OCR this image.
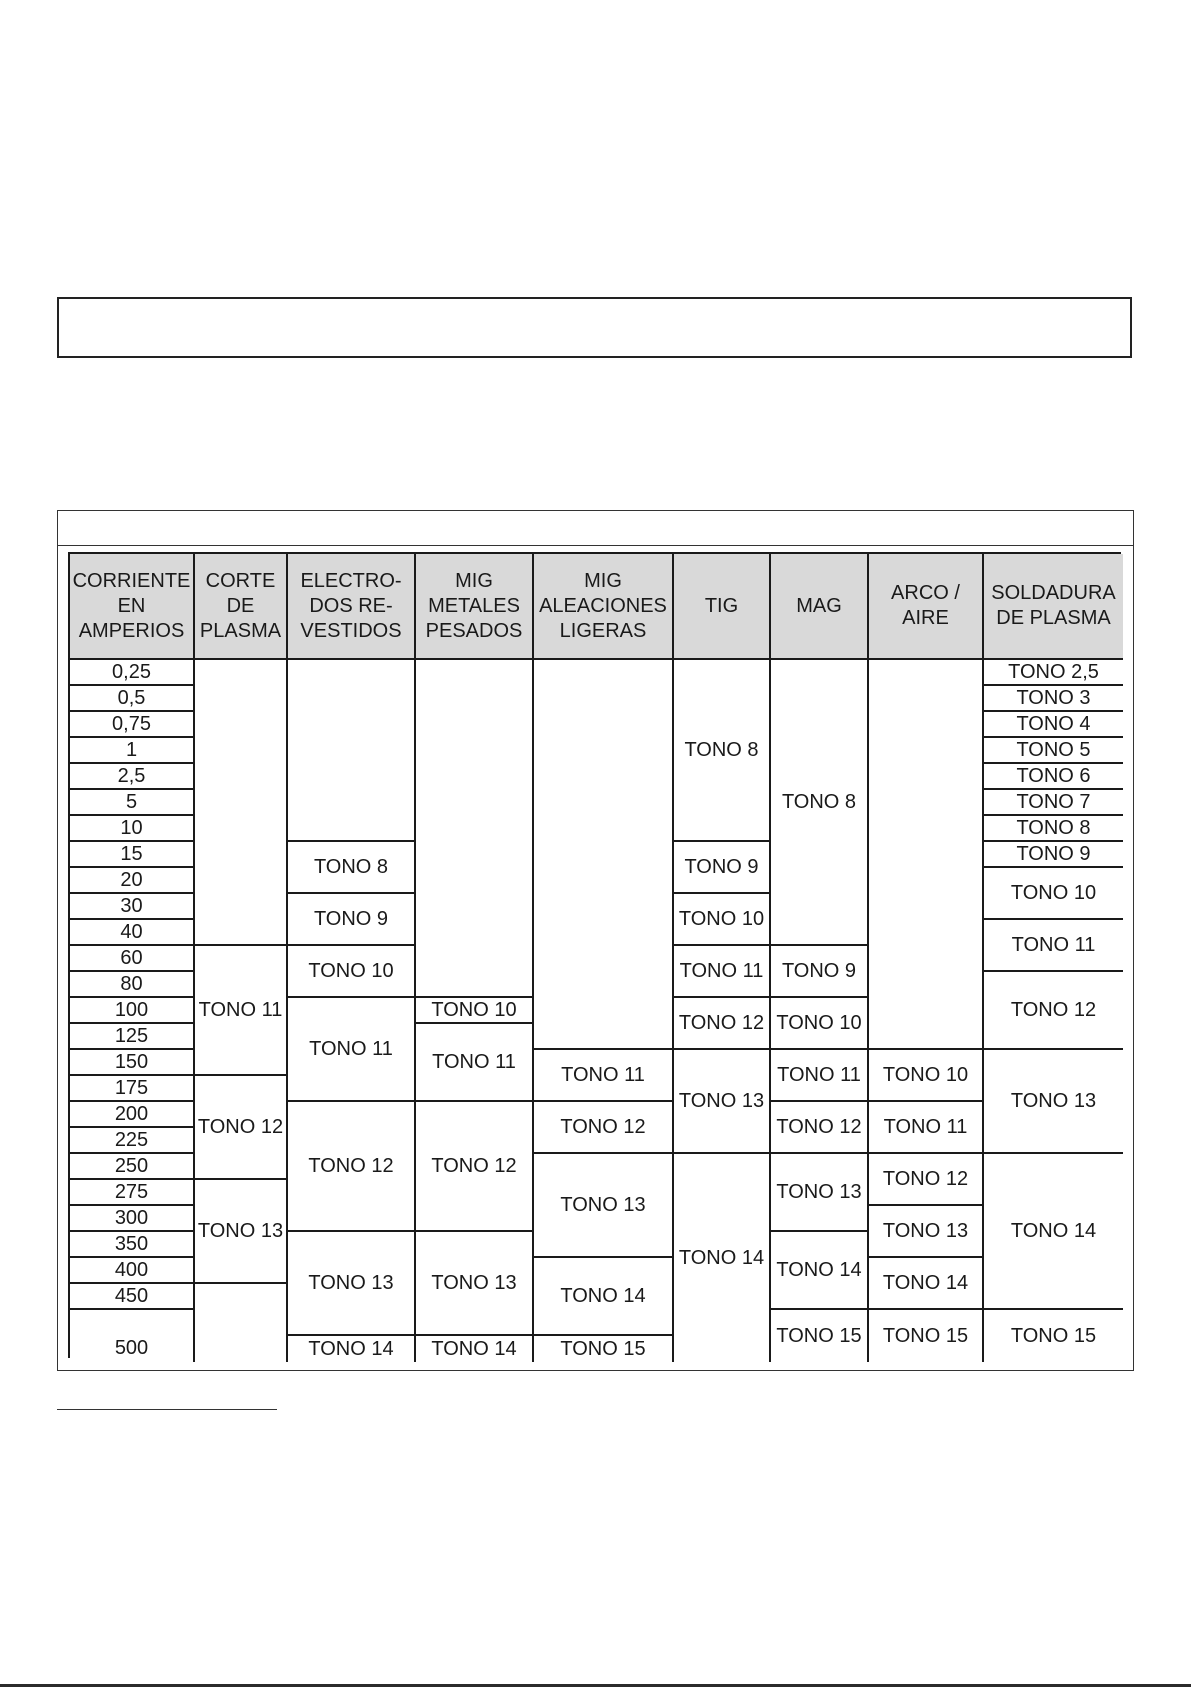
CORRIENTE EN AMPERIOS
CORTE DE PLASMA
ELECTRO- DOS RE- VESTIDOS
MIG METALES PESADOS
MIG ALEACIONES LIGERAS
TIG	MAG
ARCO / AIRE
SOLDADURA DE PLASMA
0,25
0,5
0,75
1
2,5
5
10
15
20
30
40
60
80
100
125
150
175
200
225
250
275
300
350
400
450
500
TONO 11
TONO 12
TONO 13
TONO 8
TONO 9
TONO 10
TONO 11
TONO 12
TONO 13
TONO 14
TONO 10
TONO 11
TONO 12
TONO 13
TONO 14
TONO 11
TONO 12
TONO 13
TONO 14
TONO 15
TONO 8
TONO 9
TONO 10
TONO 11
TONO 12
TONO 13
TONO 14
TONO 8
TONO 9
TONO 10
TONO 11
TONO 12
TONO 13
TONO 14
TONO 15
TONO 10
TONO 11
TONO 12
TONO 13
TONO 14
TONO 15
TONO 2,5
TONO 3
TONO 4
TONO 5
TONO 6
TONO 7
TONO 8
TONO 9
TONO 10
TONO 11
TONO 12
TONO 13
TONO 14
TONO 15
